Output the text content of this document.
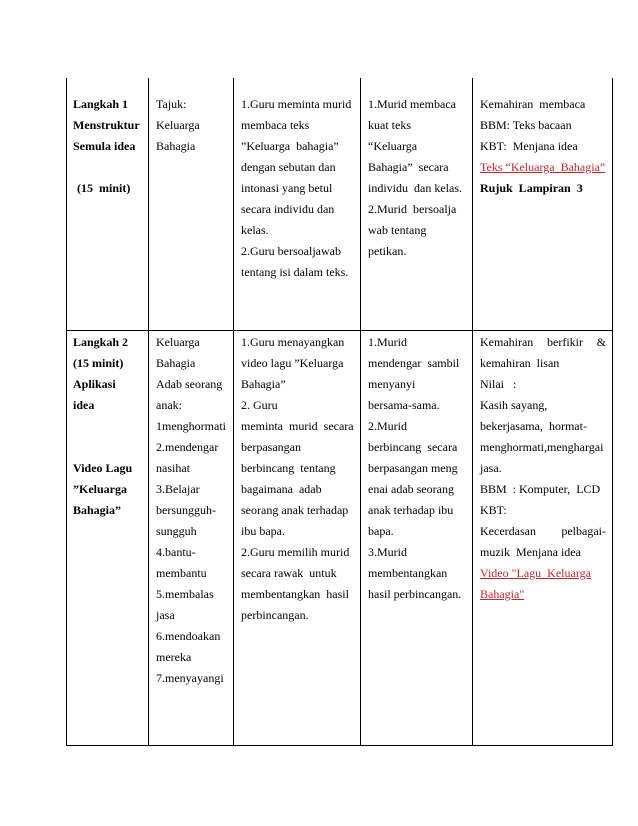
Langkah 1
Menstruktur
Semula idea
(15  minit)
Tajuk:
Keluarga
Bahagia
1.Guru meminta murid
membaca teks
”Keluarga  bahagia”
dengan sebutan dan
intonasi yang betul
secara individu dan
kelas.
2.Guru bersoaljawab
tentang isi dalam teks.
1.Murid membaca
kuat teks
“Keluarga
Bahagia”  secara
individu  dan kelas.
2.Murid  bersoalja
wab tentang
petikan.
Kemahiran  membaca
BBM: Teks bacaan
KBT:  Menjana idea
Teks “Keluarga  Bahagia”
Rujuk  Lampiran  3
Langkah 2
(15 minit)
Aplikasi
idea
Video Lagu
”Keluarga
Bahagia”
Keluarga
Bahagia
Adab seorang
anak:
1menghormati
2.mendengar
nasihat
3.Belajar
bersungguh-
sungguh
4.bantu-
membantu
5.membalas
jasa
6.mendoakan
mereka
7.menyayangi
1.Guru menayangkan
video lagu ”Keluarga
Bahagia”
2. Guru
meminta  murid  secara
berpasangan
berbincang  tentang
bagaimana  adab
seorang anak terhadap
ibu bapa.
2.Guru memilih murid
secara rawak  untuk
membentangkan  hasil
perbincangan.
1.Murid
mendengar  sambil
menyanyi
bersama-sama.
2.Murid
berbincang  secara
berpasangan meng
enai adab seorang
anak terhadap ibu
bapa.
3.Murid
membentangkan
hasil perbincangan.
Kemahiran berfikir &
kemahiran  lisan
Nilai   :
Kasih sayang,
bekerjasama,  hormat-
menghormati,menghargai
jasa.
BBM  : Komputer,  LCD
KBT:
Kecerdasan pelbagai-
muzik  Menjana idea
Video "Lagu  Keluarga
Bahagia"
